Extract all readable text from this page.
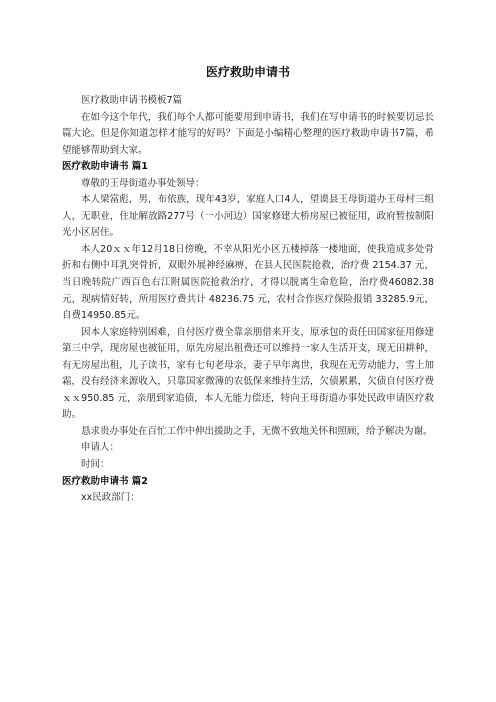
医疗救助申请书

医疗救助申请书模板7篇

在如今这个年代，我们每个人都可能要用到申请书，我们在写申请书的时候要切忌长篇大论。但是你知道怎样才能写的好吗？下面是小编精心整理的医疗救助申请书7篇，希望能够帮助到大家。

医疗救助申请书 篇1

尊敬的王母街道办事处领导：

本人梁富彪，男，布依族，现年43岁，家庭人口4人，望谟县王母街道办王母村三组人，无职业，住址解放路277号（一小河边）国家修建大桥房屋已被征用，政府暂按制阳光小区居住。

本人20ｘｘ年12月18日傍晚，不幸从阳光小区五楼掉落一楼地面，使我造成多处骨折和右侧中耳乳突骨折，双眼外展神经麻痹，在县人民医院抢救，治疗费 2154.37 元，当日晚转院广西百色右江附属医院抢救治疗，才得以脱离生命危险，治疗费46082.38元，现病情好转，所用医疗费共计 48236.75 元，农村合作医疗保险报销 33285.9元，自费14950.85元。

因本人家庭特别困难，自付医疗费全靠亲朋借来开支，原承包的责任田国家征用修建第三中学，现房屋也被征用，原先房屋出租费还可以维持一家人生活开支，现无田耕种，有无房屋出租，儿子读书，家有七旬老母亲，妻子早年离世，我现在无劳动能力，雪上加霜，没有经济来源收入，只靠国家微薄的农低保来维持生活，欠债累累，欠债自付医疗费ｘｘ950.85 元，亲朋到家追债，本人无能力偿还，特向王母街道办事处民政申请医疗救助。

恳求贵办事处在百忙工作中伸出援助之手，无微不致地关怀和照顾，给予解决为谢。

申请人：

时间：

医疗救助申请书 篇2

xx民政部门：
